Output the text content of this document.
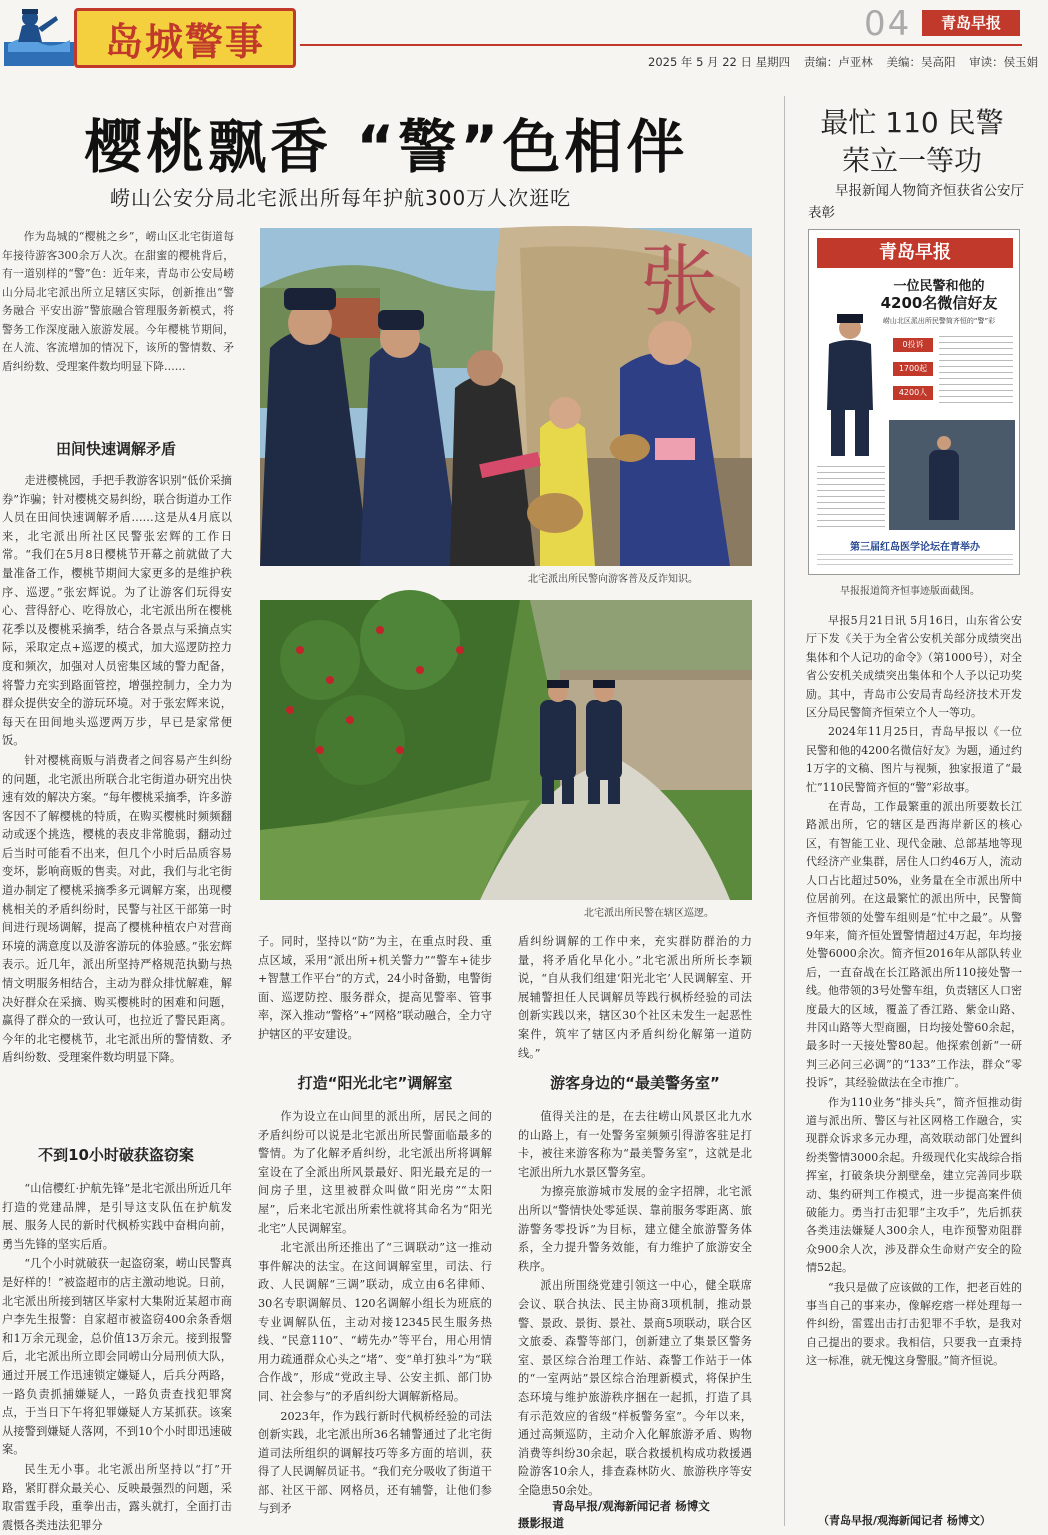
岛城警事	04	青岛早报
2025 年 5 月 22 日 星期四 责编：卢亚林 美编：吴高阳 审读：侯玉娟
樱桃飘香 “警”色相伴
崂山公安分局北宅派出所每年护航300万人次逛吃
作为岛城的“樱桃之乡”，崂山区北宅街道每年接待游客300余万人次。在甜蜜的樱桃背后，有一道别样的“警”色：近年来，青岛市公安局崂山分局北宅派出所立足辖区实际，创新推出“警务融合 平安出游”警旅融合管理服务新模式，将警务工作深度融入旅游发展。今年樱桃节期间，在人流、客流增加的情况下，该所的警情数、矛盾纠纷数、受理案件数均明显下降……
田间快速调解矛盾

走进樱桃园，手把手教游客识别“低价采摘券”诈骗；针对樱桃交易纠纷，联合街道办工作人员在田间快速调解矛盾……这是从4月底以来，北宅派出所社区民警张宏辉的工作日常。“我们在5月8日樱桃节开幕之前就做了大量准备工作，樱桃节期间大家更多的是维护秩序、巡逻。”张宏辉说。为了让游客们玩得安心、营得舒心、吃得放心，北宅派出所在樱桃花季以及樱桃采摘季，结合各景点与采摘点实际，采取定点+巡逻的模式，加大巡逻防控力度和频次，加强对人员密集区域的警力配备，将警力充实到路面管控，增强控制力，全力为群众提供安全的游玩环境。对于张宏辉来说，每天在田间地头巡逻两万步，早已是家常便饭。

针对樱桃商贩与消费者之间容易产生纠纷的问题，北宅派出所联合北宅街道办研究出快速有效的解决方案。“每年樱桃采摘季，许多游客因不了解樱桃的特质，在购买樱桃时频频翻动或逐个挑选，樱桃的表皮非常脆弱，翻动过后当时可能看不出来，但几个小时后品质容易变坏，影响商贩的售卖。对此，我们与北宅街道办制定了樱桃采摘季多元调解方案，出现樱桃相关的矛盾纠纷时，民警与社区干部第一时间进行现场调解，提高了樱桃种植农户对营商环境的满意度以及游客游玩的体验感。”张宏辉表示。近几年，派出所坚持严格规范执勤与热情文明服务相结合，主动为群众排忧解难，解决好群众在采摘、购买樱桃时的困难和问题，赢得了群众的一致认可，也拉近了警民距离。今年的北宅樱桃节，北宅派出所的警情数、矛盾纠纷数、受理案件数均明显下降。

不到10小时破获盗窃案

“山信樱红·护航先锋”是北宅派出所近几年打造的党建品牌，是引导这支队伍在护航发展、服务人民的新时代枫桥实践中奋楫向前，勇当先锋的坚实后盾。

“几个小时就破获一起盗窃案，崂山民警真是好样的！”被盗超市的店主激动地说。日前，北宅派出所接到辖区毕家村大集附近某超市商户李先生报警：自家超市被盗窃400余条香烟和1万余元现金，总价值13万余元。接到报警后，北宅派出所立即会同崂山分局刑侦大队，通过开展工作迅速锁定嫌疑人，后兵分两路，一路负责抓捕嫌疑人，一路负责查找犯罪窝点，于当日下午将犯罪嫌疑人方某抓获。该案从接警到嫌疑人落网，不到10个小时即迅速破案。

民生无小事。北宅派出所坚持以“打”开路，紧盯群众最关心、反映最强烈的问题，采取雷霆手段，重拳出击，露头就打，全面打击震慑各类违法犯罪分

张
北宅派出所民警向游客普及反诈知识。
北宅派出所民警在辖区巡逻。

子。同时，坚持以“防”为主，在重点时段、重点区域，采用“派出所+机关警力”“警车+徒步+智慧工作平台”的方式，24小时备勤，电警街面、巡逻防控、服务群众，提高见警率、管事率，深入推动“警格”+“网格”联动融合，全力守护辖区的平安建设。

打造“阳光北宅”调解室

作为设立在山间里的派出所，居民之间的矛盾纠纷可以说是北宅派出所民警面临最多的警情。为了化解矛盾纠纷，北宅派出所将调解室设在了全派出所风景最好、阳光最充足的一间房子里，这里被群众叫做“阳光房”“太阳屋”，后来北宅派出所索性就将其命名为“阳光北宅”人民调解室。

北宅派出所还推出了“三调联动”这一推动事件解决的法宝。在这间调解室里，司法、行政、人民调解“三调”联动，成立由6名律师、30名专职调解员、120名调解小组长为班底的专业调解队伍，主动对接12345民生服务热线、“民意110”、“崂先办”等平台，用心用情用力疏通群众心头之“堵”、变“单打独斗”为“联合作战”，形成“党政主导、公安主抓、部门协同、社会参与”的矛盾纠纷大调解新格局。

2023年，作为践行新时代枫桥经验的司法创新实践，北宅派出所36名辅警通过了北宅街道司法所组织的调解技巧等多方面的培训，获得了人民调解员证书。“我们充分吸收了街道干部、社区干部、网格员，还有辅警，让他们参与到矛

盾纠纷调解的工作中来，充实群防群治的力量，将矛盾化早化小。”北宅派出所所长李颖说，“自从我们组建‘阳光北宅’人民调解室、开展辅警担任人民调解员等践行枫桥经验的司法创新实践以来，辖区30个社区未发生一起恶性案件，筑牢了辖区内矛盾纠纷化解第一道防线。”

游客身边的“最美警务室”

值得关注的是，在去往崂山风景区北九水的山路上，有一处警务室频频引得游客驻足打卡，被往来游客称为“最美警务室”，这就是北宅派出所九水景区警务室。

为擦亮旅游城市发展的金字招牌，北宅派出所以“警情快处零延误、靠前服务零距离、旅游警务零投诉”为目标，建立健全旅游警务体系，全力提升警务效能，有力维护了旅游安全秩序。

派出所围绕党建引领这一中心，健全联席会议、联合执法、民主协商3项机制，推动景警、景政、景街、景社、景商5项联动，联合区文旅委、森警等部门，创新建立了集景区警务室、景区综合治理工作站、森警工作站于一体的“一室两站”景区综合治理新模式，将保护生态环境与维护旅游秩序捆在一起抓，打造了具有示范效应的省级“样板警务室”。今年以来，通过高频巡防，主动介入化解旅游矛盾、购物消费等纠纷30余起，联合救援机构成功救援遇险游客10余人，排查森林防火、旅游秩序等安全隐患50余处。

青岛早报/观海新闻记者 杨博文
摄影报道
最忙 110 民警
荣立一等功
早报新闻人物简齐恒获省公安厅表彰
青岛早报
一位民警和他的
4200名微信好友
崂山北区派出所民警简齐恒的“警”彩
0投诉
1700起
4200人
第三届红岛医学论坛在青举办
早报报道简齐恒事迹版面截图。

早报5月21日讯 5月16日，山东省公安厅下发《关于为全省公安机关部分成绩突出集体和个人记功的命令》（第1000号），对全省公安机关成绩突出集体和个人予以记功奖励。其中，青岛市公安局青岛经济技术开发区分局民警简齐恒荣立个人一等功。

2024年11月25日，青岛早报以《一位民警和他的4200名微信好友》为题，通过约1万字的文稿、图片与视频，独家报道了“最忙”110民警简齐恒的“警”彩故事。

在青岛，工作最繁重的派出所要数长江路派出所，它的辖区是西海岸新区的核心区，有智能工业、现代金融、总部基地等现代经济产业集群，居住人口约46万人，流动人口占比超过50%，业务量在全市派出所中位居前列。在这最繁忙的派出所中，民警简齐恒带领的处警车组则是“忙中之最”。从警9年来，简齐恒处置警情超过4万起，年均接处警6000余次。简齐恒2016年从部队转业后，一直奋战在长江路派出所110接处警一线。他带领的3号处警车组，负责辖区人口密度最大的区域，覆盖了香江路、紫金山路、井冈山路等大型商圈，日均接处警60余起，最多时一天接处警80起。他探索创新“一研判三必问三必调”的“133”工作法，群众“零投诉”，其经验做法在全市推广。

作为110业务“排头兵”，简齐恒推动街道与派出所、警区与社区网格工作融合，实现群众诉求多元办理，高效联动部门处置纠纷类警情3000余起。升级现代化实战综合指挥室，打破条块分割壁垒，建立完善同步联动、集约研判工作模式，进一步提高案件侦破能力。勇当打击犯罪“主攻手”，先后抓获各类违法嫌疑人300余人，电诈预警劝阻群众900余人次，涉及群众生命财产安全的险情52起。

“我只是做了应该做的工作，把老百姓的事当自己的事来办，像解疙瘩一样处理每一件纠纷，雷霆出击打击犯罪不手软，是我对自己提出的要求。我相信，只要我一直秉持这一标准，就无愧这身警服。”简齐恒说。

（青岛早报/观海新闻记者 杨博文）
